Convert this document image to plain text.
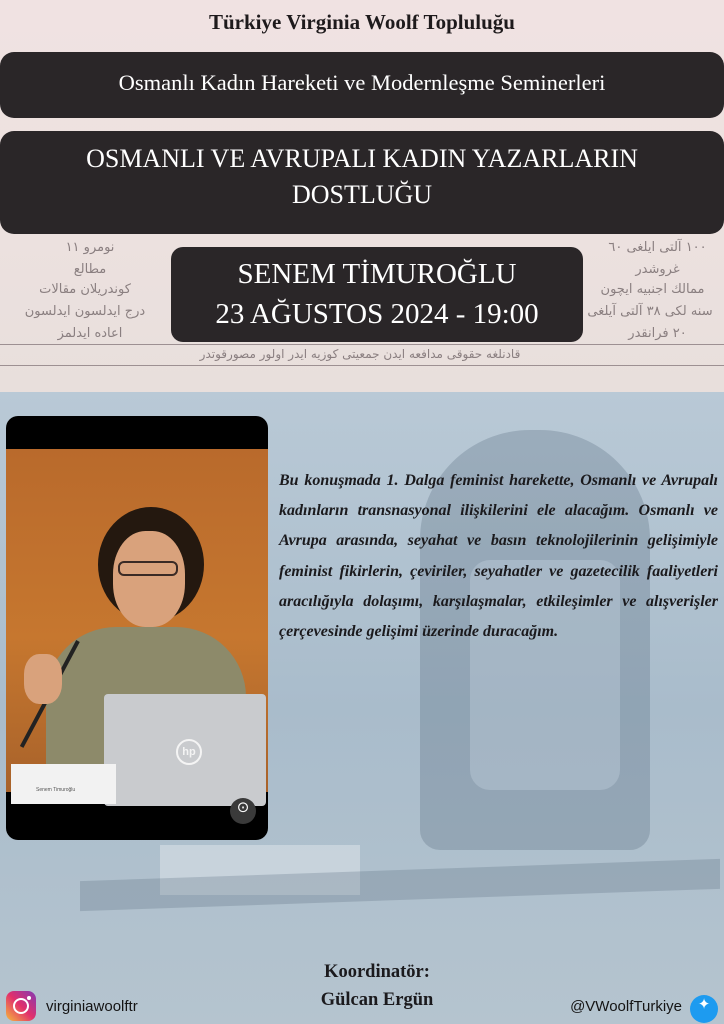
نومرو ۱۱
مطالع
كوندريلان مقالات
درج ايدلسون ايدلسون
اعاده ايدلمز
۱۰۰ آلتی ايلغى ٦٠
غروشدر
ممالك اجنبيه ايچون
سنه لكى ۳۸ آلتی آيلغى
۲۰ فرانقدر
قادنلغه حقوقی مدافعه ايدن جمعيتی كوزيه ايدر اولور مصورقوتدر
Türkiye Virginia Woolf Topluluğu
Osmanlı Kadın Hareketi ve Modernleşme Seminerleri
OSMANLI VE AVRUPALI KADIN YAZARLARIN
DOSTLUĞU
SENEM TİMUROĞLU
23 AĞUSTOS 2024 - 19:00
hp
Senem Timuroğlu
⊙
Bu konuşmada 1. Dalga feminist harekette, Osmanlı ve Avrupalı kadınların transnasyonal ilişkilerini ele alacağım. Osmanlı ve Avrupa arasında, seyahat ve basın teknolojilerinin gelişimiyle feminist fikirlerin, çeviriler, seyahatler ve gazetecilik faaliyetleri aracılığıyla dolaşımı, karşılaşmalar, etkileşimler ve alışverişler çerçevesinde gelişimi üzerinde duracağım.
Koordinatör:
Gülcan Ergün
virginiawoolftr	@VWoolfTurkiye	✦
